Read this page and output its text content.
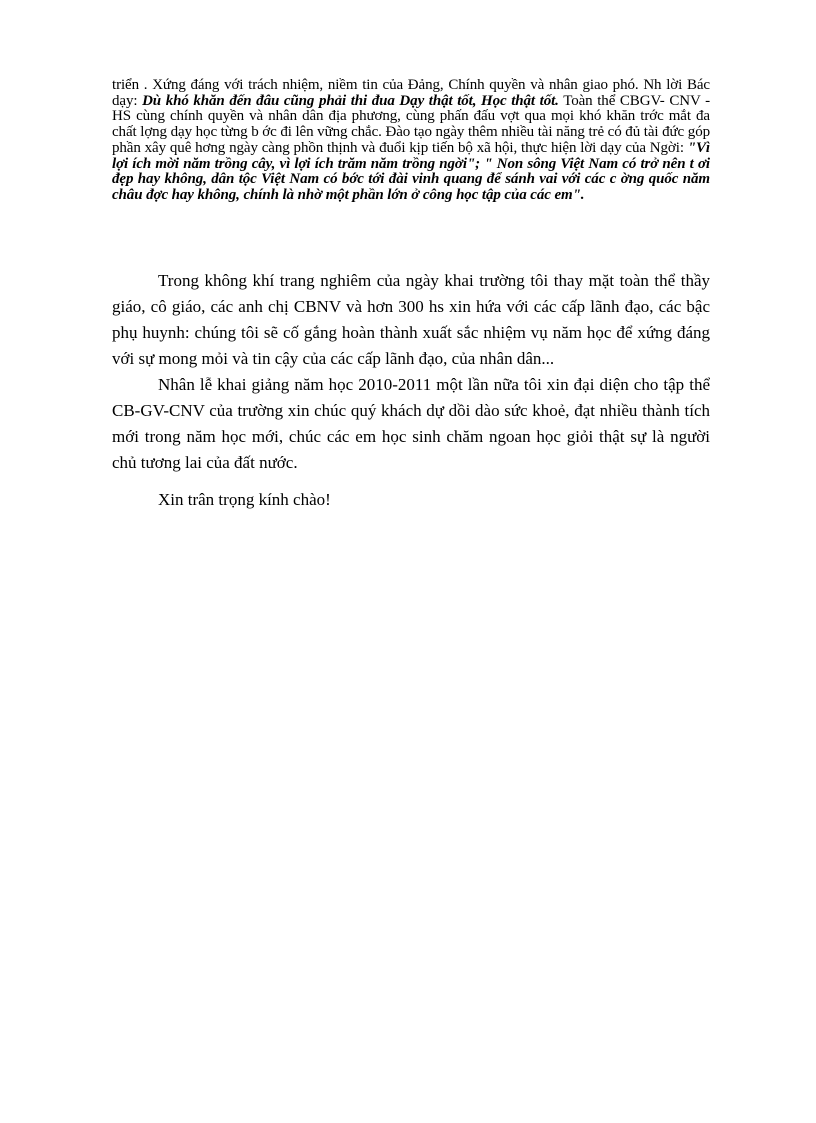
triển . Xứng đáng với trách nhiệm, niềm tin của Đảng, Chính quyền và nhân giao phó. Nh lời Bác dạy: Dù khó khăn đến đâu cũng phải thi đua Dạy thật tốt, Học thật tốt. Toàn thể CBGV- CNV - HS cùng chính quyền và nhân dân địa phương, cùng phấn đấu vợt qua mọi khó khăn trớc mắt đa chất lợng dạy học từng b ớc đi lên vững chắc. Đào tạo ngày thêm nhiều tài năng trẻ có đủ tài đức góp phần xây quê hơng ngày càng phồn thịnh và đuổi kịp tiến bộ xã hội, thực hiện lời dạy của Ngời: "Vì lợi ích mời năm trồng cây, vì lợi ích trăm năm trồng ngời"; " Non sông Việt Nam có trở nên t ơi đẹp hay không, dân tộc Việt Nam có bớc tới đài vinh quang để sánh vai với các c ờng quốc năm châu đợc hay không, chính là nhờ một phần lớn ở công học tập của các em".

Trong không khí trang nghiêm của ngày khai trường tôi thay mặt toàn thể thầy giáo, cô giáo, các anh chị CBNV và hơn 300 hs xin hứa với các cấp lãnh đạo, các bậc phụ huynh: chúng tôi sẽ cố gắng hoàn thành xuất sắc nhiệm vụ năm học để xứng đáng với sự mong mỏi và tin cậy của các cấp lãnh đạo, của nhân dân...

Nhân lễ khai giảng năm học 2010-2011 một lần nữa tôi xin đại diện cho tập thể CB-GV-CNV của trường xin chúc quý khách dự dồi dào sức khoẻ, đạt nhiều thành tích mới trong năm học mới, chúc các em học sinh chăm ngoan học giỏi thật sự là người chủ tương lai của đất nước.

Xin trân trọng kính chào!
